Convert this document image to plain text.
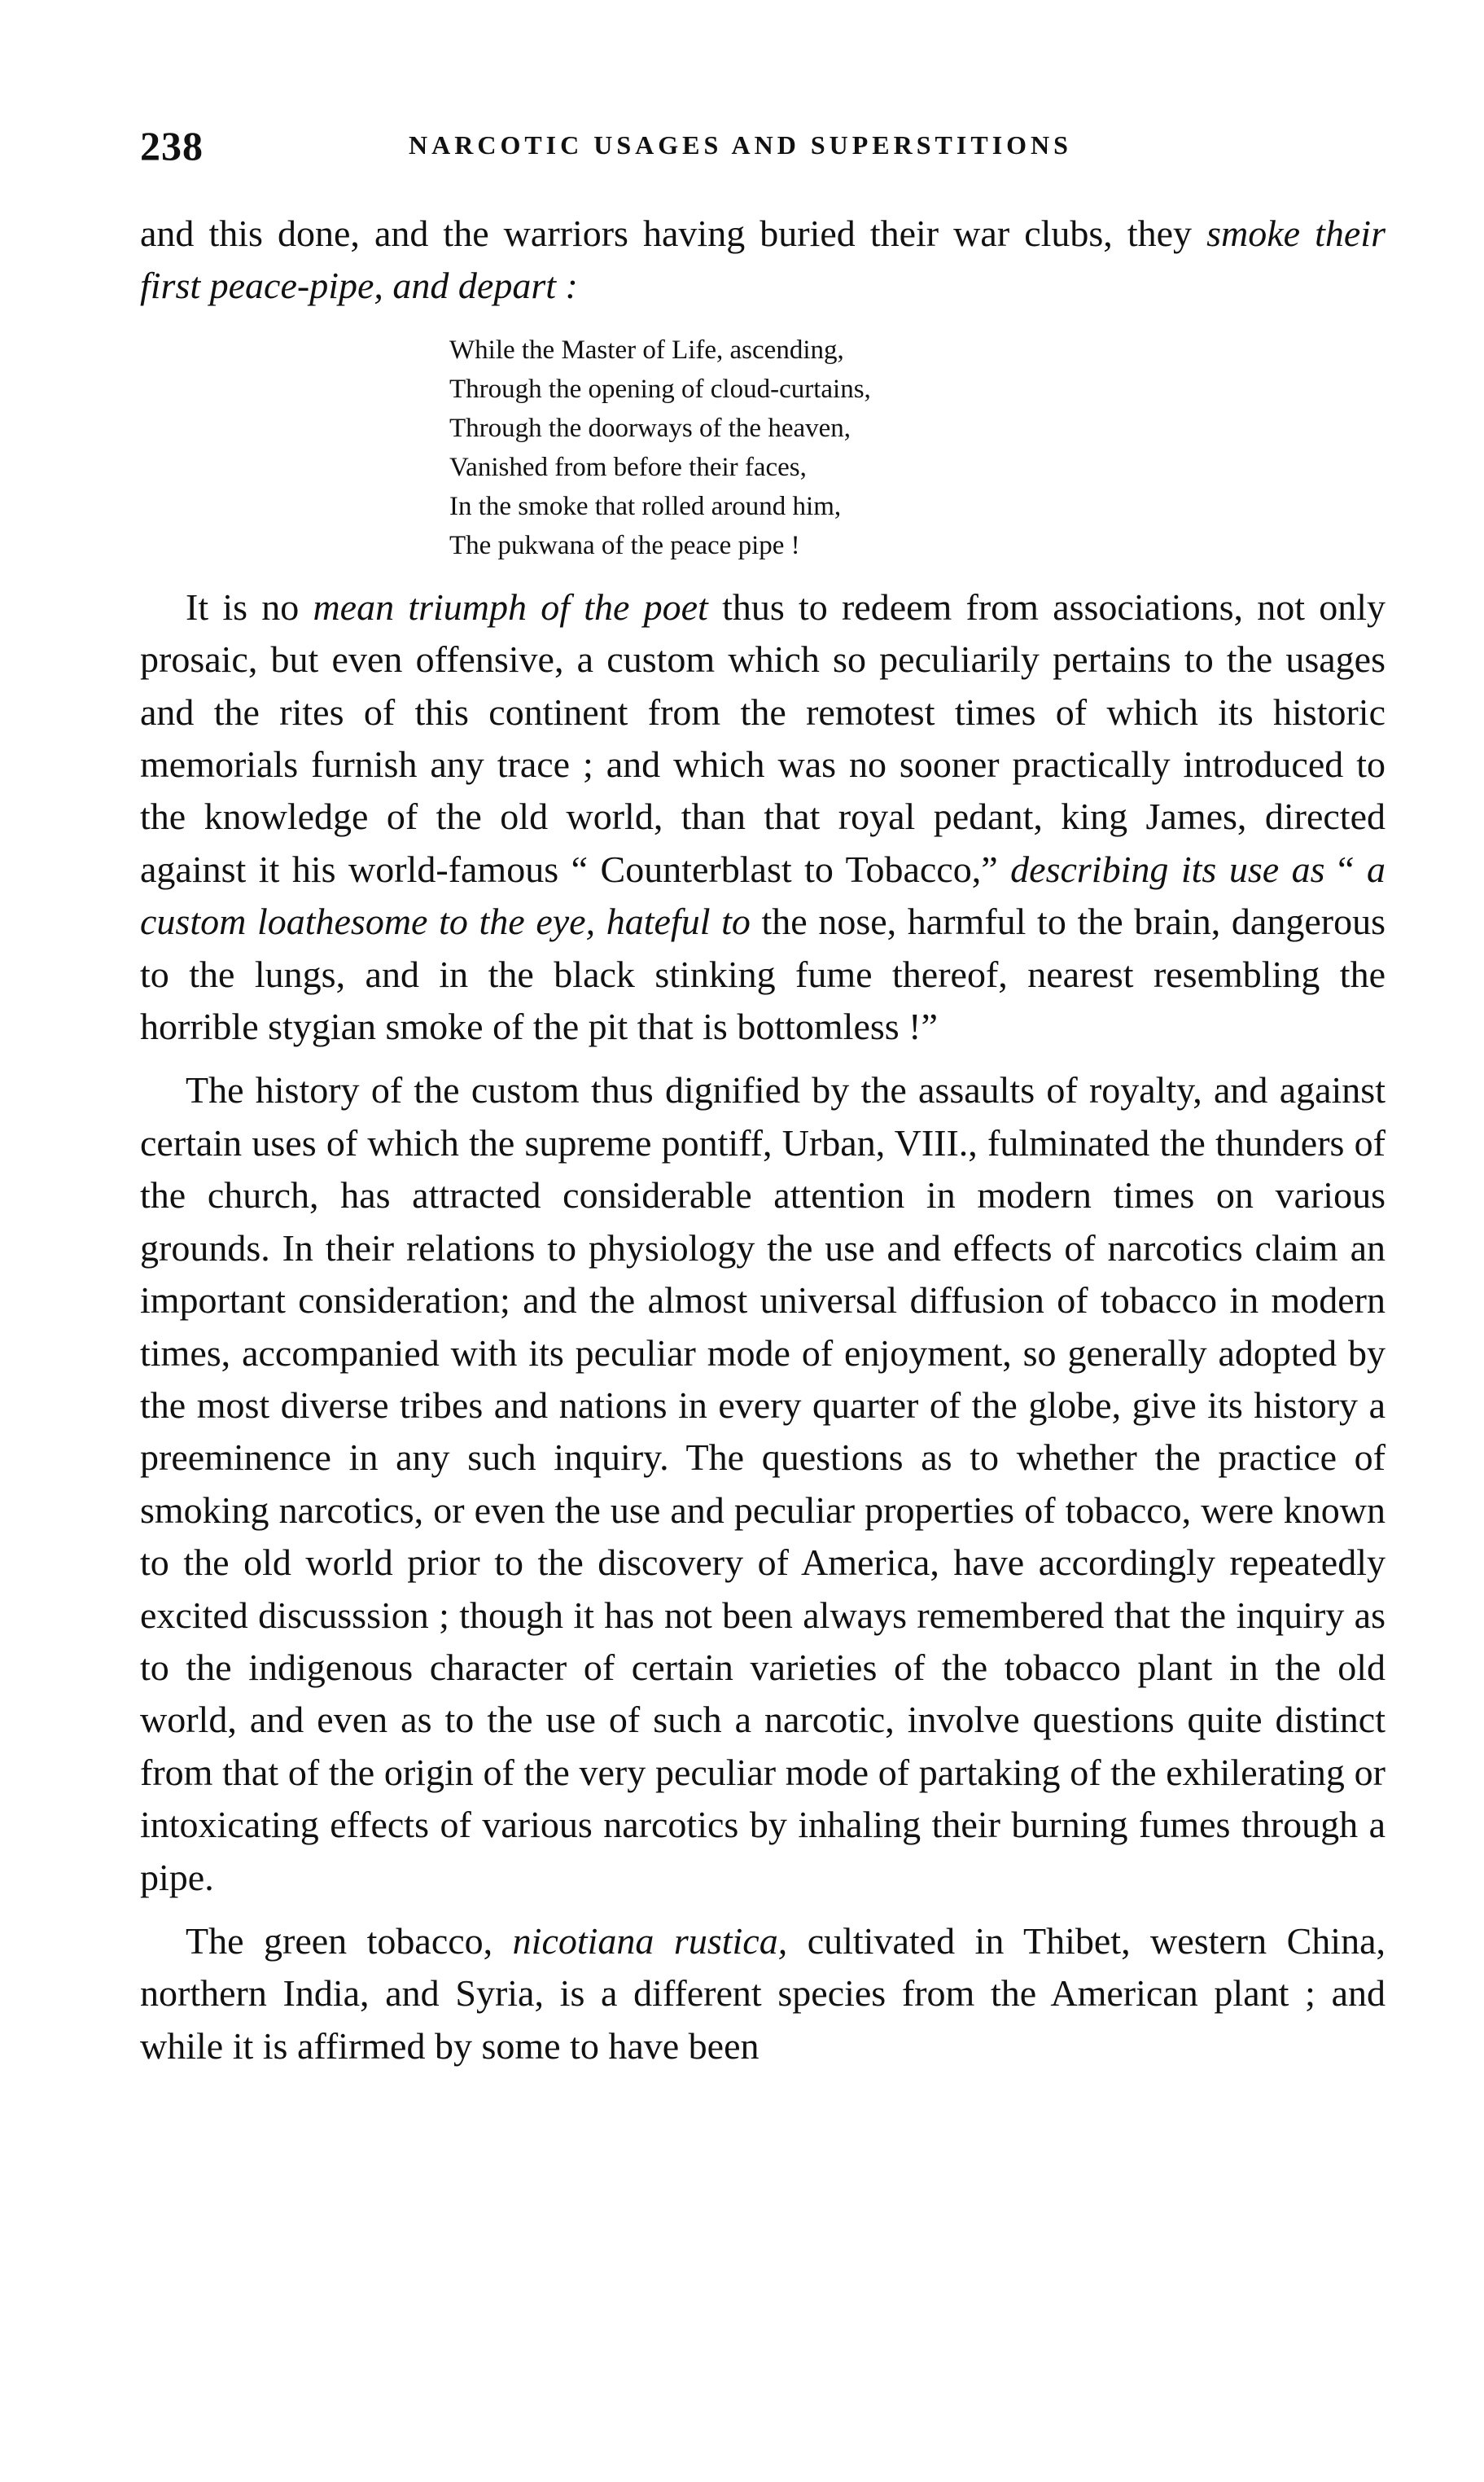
238	NARCOTIC USAGES AND SUPERSTITIONS

and this done, and the warriors having buried their war clubs, they smoke their first peace-pipe, and depart :

While the Master of Life, ascending,
Through the opening of cloud-curtains,
Through the doorways of the heaven,
Vanished from before their faces,
In the smoke that rolled around him,
The pukwana of the peace pipe !

It is no mean triumph of the poet thus to redeem from associations, not only prosaic, but even offensive, a custom which so peculiarily pertains to the usages and the rites of this continent from the remotest times of which its historic memorials furnish any trace ; and which was no sooner practically introduced to the knowledge of the old world, than that royal pedant, king James, directed against it his world-famous “ Counterblast to Tobacco,” describing its use as “ a custom loathesome to the eye, hateful to the nose, harmful to the brain, dangerous to the lungs, and in the black stinking fume thereof, nearest resembling the horrible stygian smoke of the pit that is bottomless !”

The history of the custom thus dignified by the assaults of royalty, and against certain uses of which the supreme pontiff, Urban, VIII., fulminated the thunders of the church, has attracted considerable attention in modern times on various grounds. In their relations to physiology the use and effects of narcotics claim an important consideration; and the almost universal diffusion of tobacco in modern times, accompanied with its peculiar mode of enjoyment, so generally adopted by the most diverse tribes and nations in every quarter of the globe, give its history a preeminence in any such inquiry. The questions as to whether the practice of smoking narcotics, or even the use and peculiar properties of tobacco, were known to the old world prior to the discovery of America, have accordingly repeatedly excited discusssion ; though it has not been always remembered that the inquiry as to the indigenous character of certain varieties of the tobacco plant in the old world, and even as to the use of such a narcotic, involve questions quite distinct from that of the origin of the very peculiar mode of partaking of the exhilerating or intoxicating effects of various narcotics by inhaling their burning fumes through a pipe.

The green tobacco, nicotiana rustica, cultivated in Thibet, western China, northern India, and Syria, is a different species from the American plant ; and while it is affirmed by some to have been
